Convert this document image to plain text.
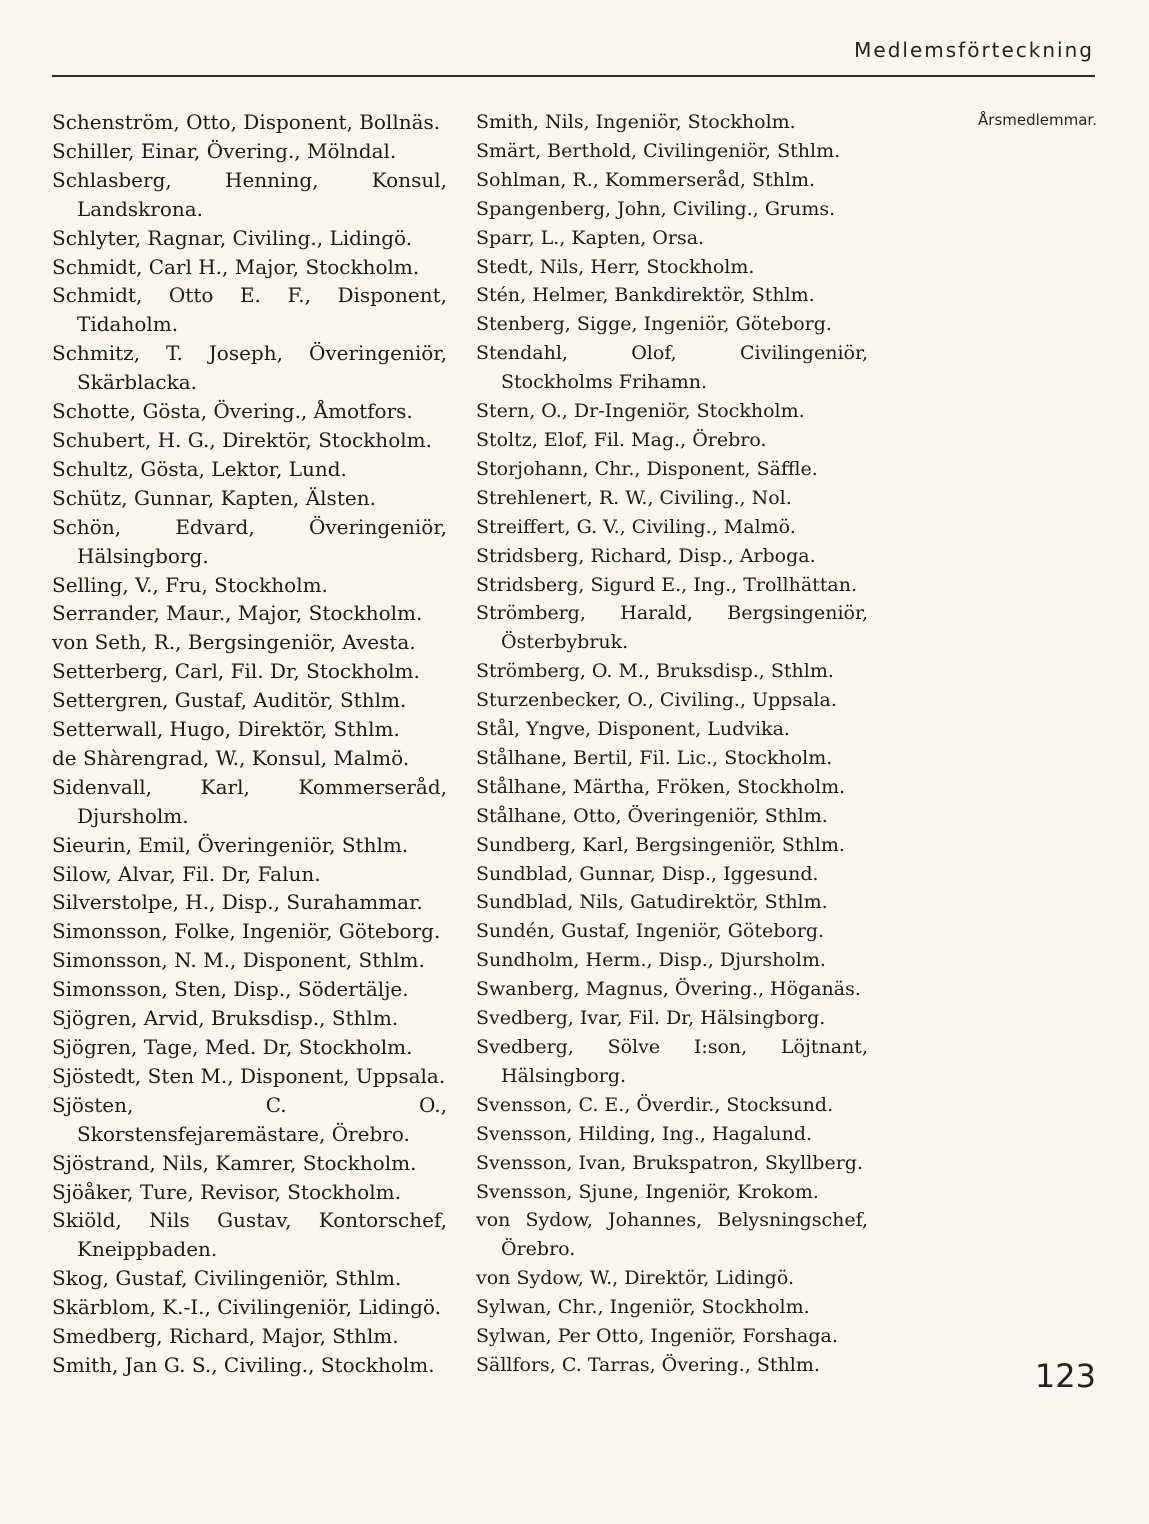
Medlemsförteckning
Schenström, Otto, Disponent, Bollnäs.
Schiller, Einar, Övering., Mölndal.
Schlasberg, Henning, Konsul, Landskrona.
Schlyter, Ragnar, Civiling., Lidingö.
Schmidt, Carl H., Major, Stockholm.
Schmidt, Otto E. F., Disponent, Tidaholm.
Schmitz, T. Joseph, Överingeniör, Skärblacka.
Schotte, Gösta, Övering., Åmotfors.
Schubert, H. G., Direktör, Stockholm.
Schultz, Gösta, Lektor, Lund.
Schütz, Gunnar, Kapten, Älsten.
Schön, Edvard, Överingeniör, Hälsingborg.
Selling, V., Fru, Stockholm.
Serrander, Maur., Major, Stockholm.
von Seth, R., Bergsingeniör, Avesta.
Setterberg, Carl, Fil. Dr, Stockholm.
Settergren, Gustaf, Auditör, Sthlm.
Setterwall, Hugo, Direktör, Sthlm.
de Shàrengrad, W., Konsul, Malmö.
Sidenvall, Karl, Kommerseråd, Djursholm.
Sieurin, Emil, Överingeniör, Sthlm.
Silow, Alvar, Fil. Dr, Falun.
Silverstolpe, H., Disp., Surahammar.
Simonsson, Folke, Ingeniör, Göteborg.
Simonsson, N. M., Disponent, Sthlm.
Simonsson, Sten, Disp., Södertälje.
Sjögren, Arvid, Bruksdisp., Sthlm.
Sjögren, Tage, Med. Dr, Stockholm.
Sjöstedt, Sten M., Disponent, Uppsala.
Sjösten, C. O., Skorstensfejaremästare, Örebro.
Sjöstrand, Nils, Kamrer, Stockholm.
Sjöåker, Ture, Revisor, Stockholm.
Skiöld, Nils Gustav, Kontorschef, Kneippbaden.
Skog, Gustaf, Civilingeniör, Sthlm.
Skärblom, K.-I., Civilingeniör, Lidingö.
Smedberg, Richard, Major, Sthlm.
Smith, Jan G. S., Civiling., Stockholm.
Smith, Nils, Ingeniör, Stockholm.
Smärt, Berthold, Civilingeniör, Sthlm.
Sohlman, R., Kommerseråd, Sthlm.
Spangenberg, John, Civiling., Grums.
Sparr, L., Kapten, Orsa.
Stedt, Nils, Herr, Stockholm.
Stén, Helmer, Bankdirektör, Sthlm.
Stenberg, Sigge, Ingeniör, Göteborg.
Stendahl, Olof, Civilingeniör, Stockholms Frihamn.
Stern, O., Dr-Ingeniör, Stockholm.
Stoltz, Elof, Fil. Mag., Örebro.
Storjohann, Chr., Disponent, Säffle.
Strehlenert, R. W., Civiling., Nol.
Streiffert, G. V., Civiling., Malmö.
Stridsberg, Richard, Disp., Arboga.
Stridsberg, Sigurd E., Ing., Trollhättan.
Strömberg, Harald, Bergsingeniör, Österbybruk.
Strömberg, O. M., Bruksdisp., Sthlm.
Sturzenbecker, O., Civiling., Uppsala.
Stål, Yngve, Disponent, Ludvika.
Stålhane, Bertil, Fil. Lic., Stockholm.
Stålhane, Märtha, Fröken, Stockholm.
Stålhane, Otto, Överingeniör, Sthlm.
Sundberg, Karl, Bergsingeniör, Sthlm.
Sundblad, Gunnar, Disp., Iggesund.
Sundblad, Nils, Gatudirektör, Sthlm.
Sundén, Gustaf, Ingeniör, Göteborg.
Sundholm, Herm., Disp., Djursholm.
Swanberg, Magnus, Övering., Höganäs.
Svedberg, Ivar, Fil. Dr, Hälsingborg.
Svedberg, Sölve I:son, Löjtnant, Hälsingborg.
Svensson, C. E., Överdir., Stocksund.
Svensson, Hilding, Ing., Hagalund.
Svensson, Ivan, Brukspatron, Skyllberg.
Svensson, Sjune, Ingeniör, Krokom.
von Sydow, Johannes, Belysningschef, Örebro.
von Sydow, W., Direktör, Lidingö.
Sylwan, Chr., Ingeniör, Stockholm.
Sylwan, Per Otto, Ingeniör, Forshaga.
Sällfors, C. Tarras, Övering., Sthlm.

Årsmedlemmar.

123
